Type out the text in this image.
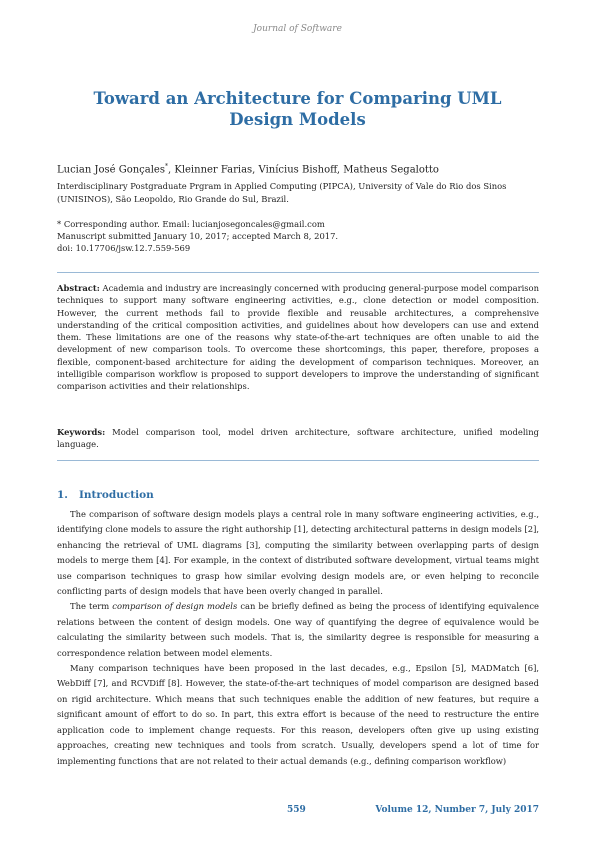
Journal of Software
Toward an Architecture for Comparing UML Design Models
Lucian José Gonçales*, Kleinner Farias, Vinícius Bishoff, Matheus Segalotto
Interdisciplinary Postgraduate Prgram in Applied Computing (PIPCA), University of Vale do Rio dos Sinos (UNISINOS), São Leopoldo, Rio Grande do Sul, Brazil.
* Corresponding author. Email: lucianjosegoncales@gmail.com
Manuscript submitted January 10, 2017; accepted March 8, 2017.
doi: 10.17706/jsw.12.7.559-569
Abstract: Academia and industry are increasingly concerned with producing general-purpose model comparison techniques to support many software engineering activities, e.g., clone detection or model composition. However, the current methods fail to provide flexible and reusable architectures, a comprehensive understanding of the critical composition activities, and guidelines about how developers can use and extend them. These limitations are one of the reasons why state-of-the-art techniques are often unable to aid the development of new comparison tools. To overcome these shortcomings, this paper, therefore, proposes a flexible, component-based architecture for aiding the development of comparison techniques. Moreover, an intelligible comparison workflow is proposed to support developers to improve the understanding of significant comparison activities and their relationships.
Keywords: Model comparison tool, model driven architecture, software architecture, unified modeling language.
1. Introduction

The comparison of software design models plays a central role in many software engineering activities, e.g., identifying clone models to assure the right authorship [1], detecting architectural patterns in design models [2], enhancing the retrieval of UML diagrams [3], computing the similarity between overlapping parts of design models to merge them [4]. For example, in the context of distributed software development, virtual teams might use comparison techniques to grasp how similar evolving design models are, or even helping to reconcile conflicting parts of design models that have been overly changed in parallel.

The term comparison of design models can be briefly defined as being the process of identifying equivalence relations between the content of design models. One way of quantifying the degree of equivalence would be calculating the similarity between such models. That is, the similarity degree is responsible for measuring a correspondence relation between model elements.

Many comparison techniques have been proposed in the last decades, e.g., Epsilon [5], MADMatch [6], WebDiff [7], and RCVDiff [8]. However, the state-of-the-art techniques of model comparison are designed based on rigid architecture. Which means that such techniques enable the addition of new features, but require a significant amount of effort to do so. In part, this extra effort is because of the need to restructure the entire application code to implement change requests. For this reason, developers often give up using existing approaches, creating new techniques and tools from scratch. Usually, developers spend a lot of time for implementing functions that are not related to their actual demands (e.g., defining comparison workflow)

559	Volume 12, Number 7, July 2017
